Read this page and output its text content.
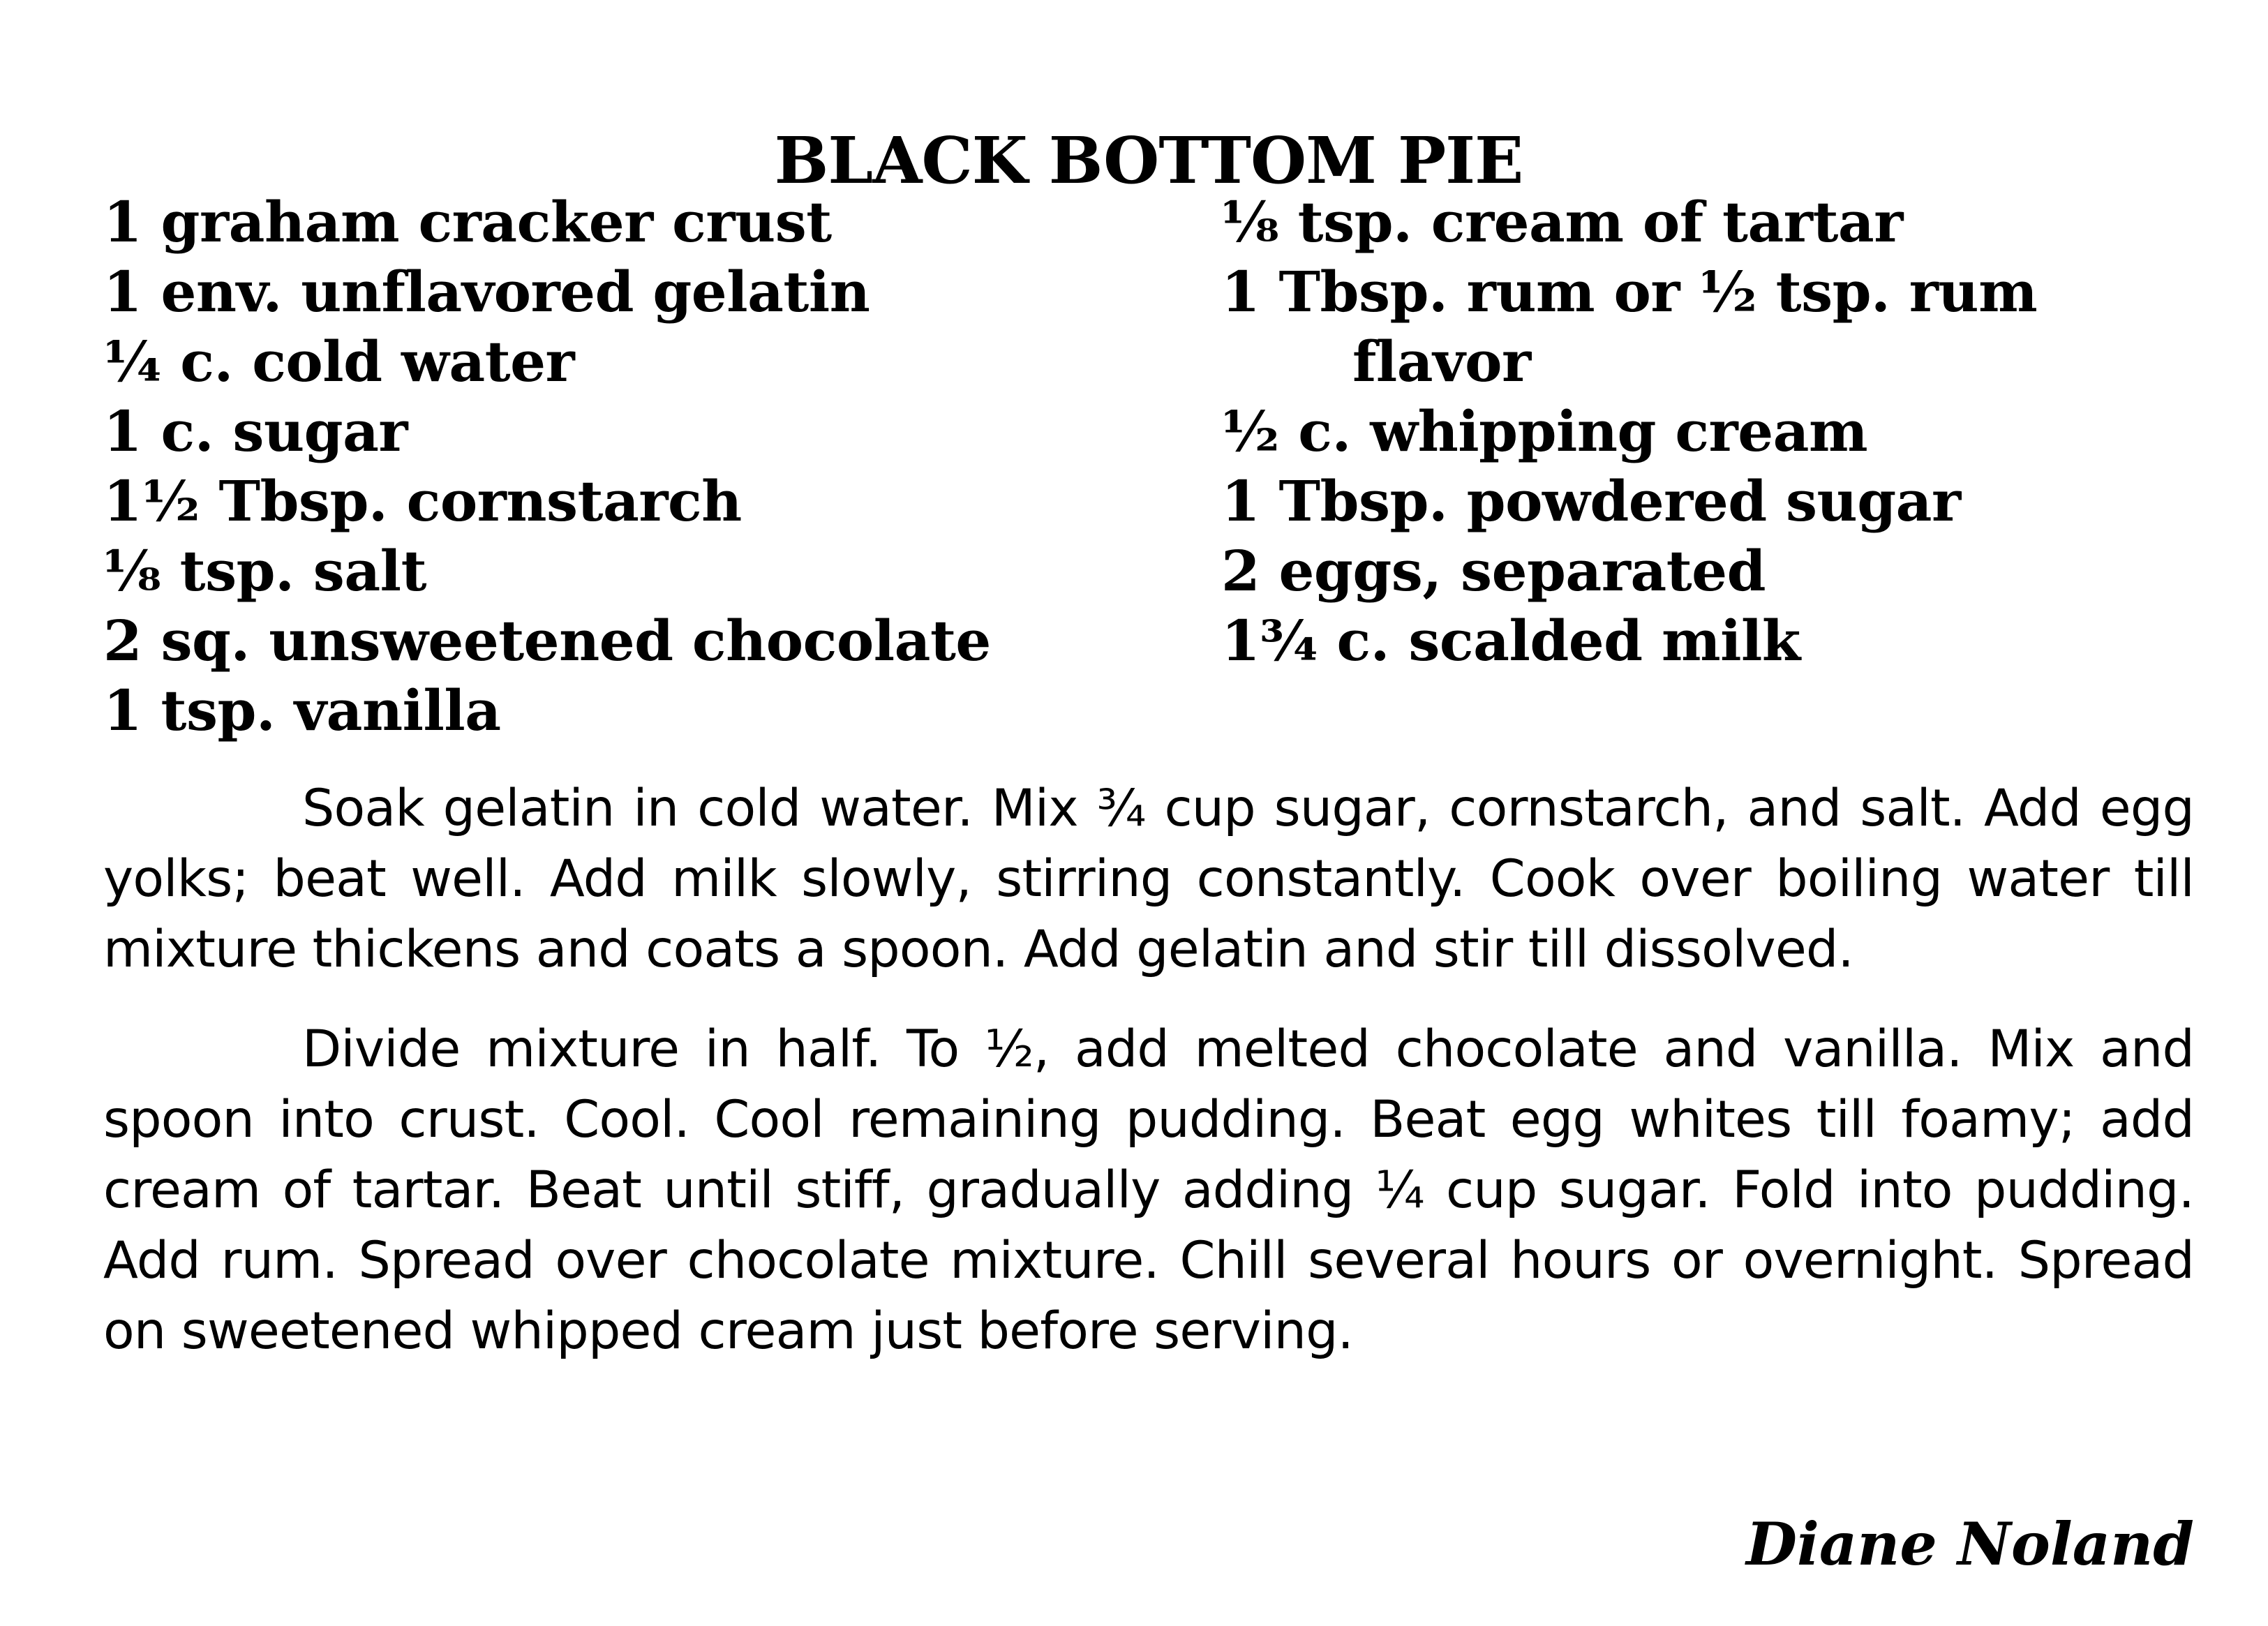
BLACK BOTTOM PIE
1 graham cracker crust
1 env. unflavored gelatin
¼ c. cold water
1 c. sugar
1½ Tbsp. cornstarch
⅛ tsp. salt
2 sq. unsweetened chocolate
1 tsp. vanilla
⅛ tsp. cream of tartar
1 Tbsp. rum or ½ tsp. rum
flavor
½ c. whipping cream
1 Tbsp. powdered sugar
2 eggs, separated
1¾ c. scalded milk

Soak gelatin in cold water. Mix ¾ cup sugar, cornstarch, and salt. Add egg yolks; beat well. Add milk slowly, stirring constantly. Cook over boiling water till mixture thickens and coats a spoon. Add gelatin and stir till dissolved.

Divide mixture in half. To ½, add melted chocolate and vanilla. Mix and spoon into crust. Cool. Cool remaining pudding. Beat egg whites till foamy; add cream of tartar. Beat until stiff, gradually adding ¼ cup sugar. Fold into pudding. Add rum. Spread over chocolate mixture. Chill several hours or overnight. Spread on sweetened whipped cream just before serving.

Diane Noland
